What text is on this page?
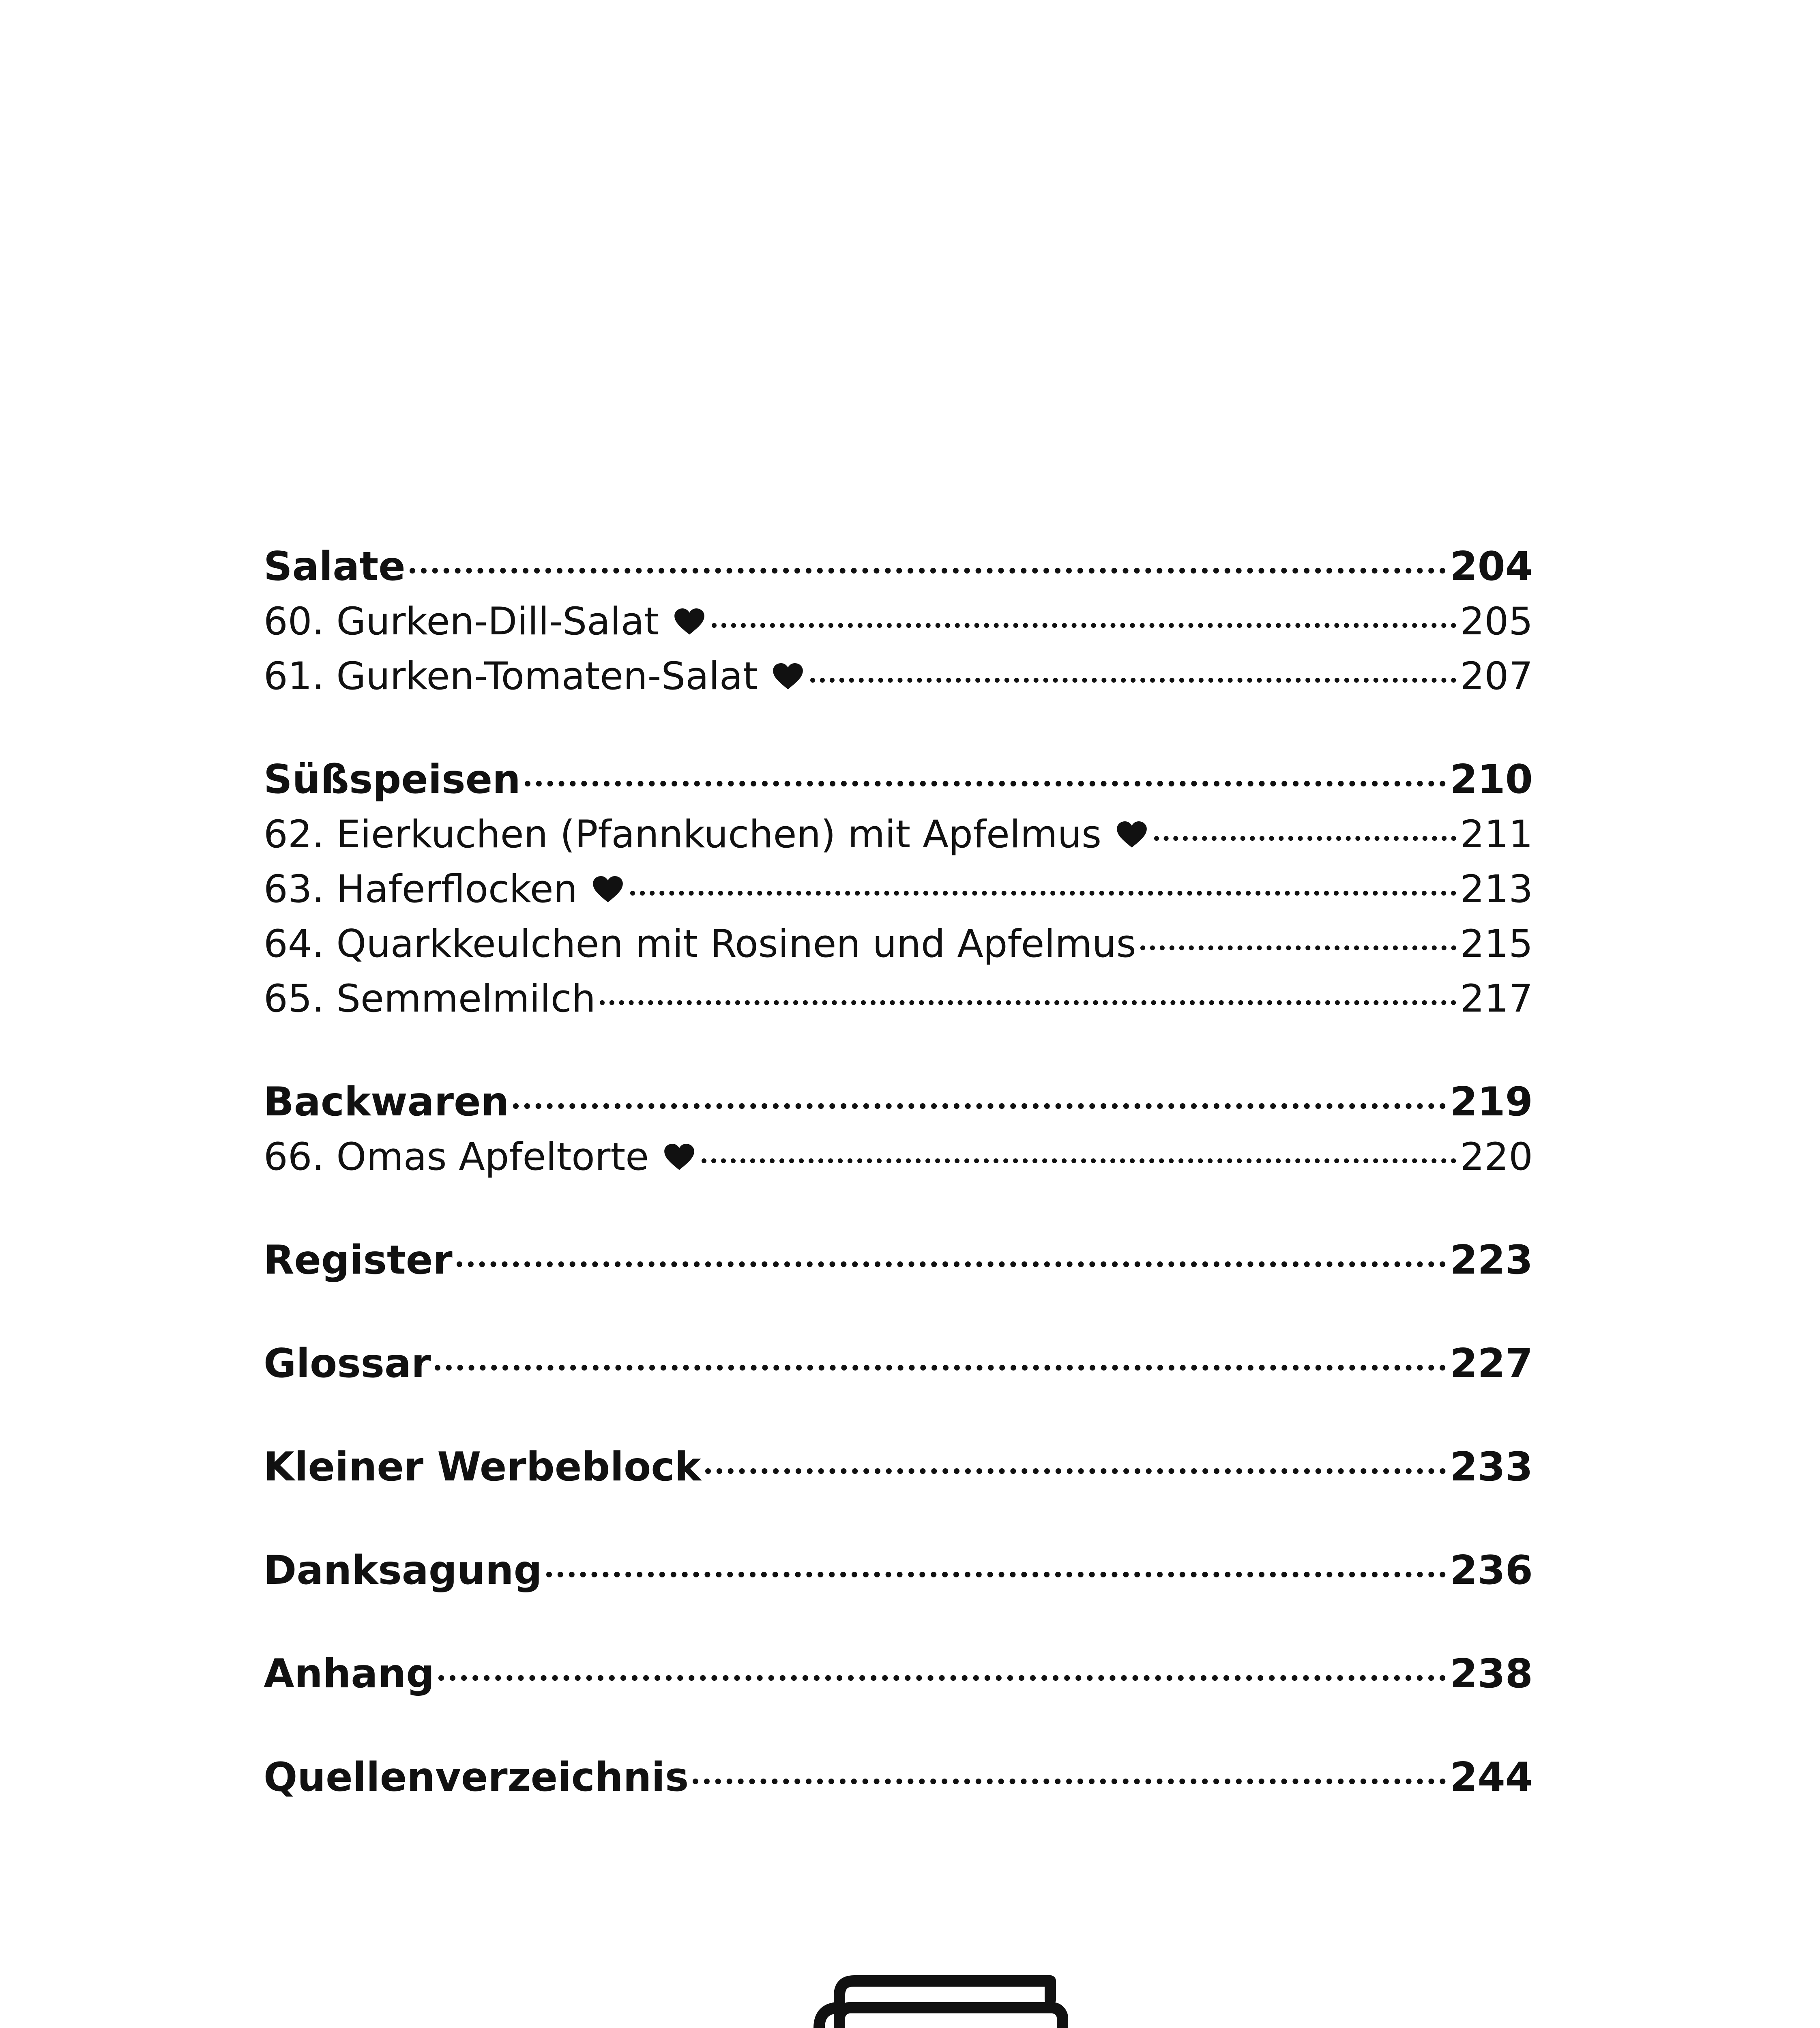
Salate	204
60. Gurken-Dill-Salat	205
61. Gurken-Tomaten-Salat	207
Süßspeisen	210
62. Eierkuchen (Pfannkuchen) mit Apfelmus	211
63. Haferflocken	213
64. Quarkkeulchen mit Rosinen und Apfelmus	215
65. Semmelmilch	217
Backwaren	219
66. Omas Apfeltorte	220
Register	223
Glossar	227
Kleiner Werbeblock	233
Danksagung	236
Anhang	238
Quellenverzeichnis	244
